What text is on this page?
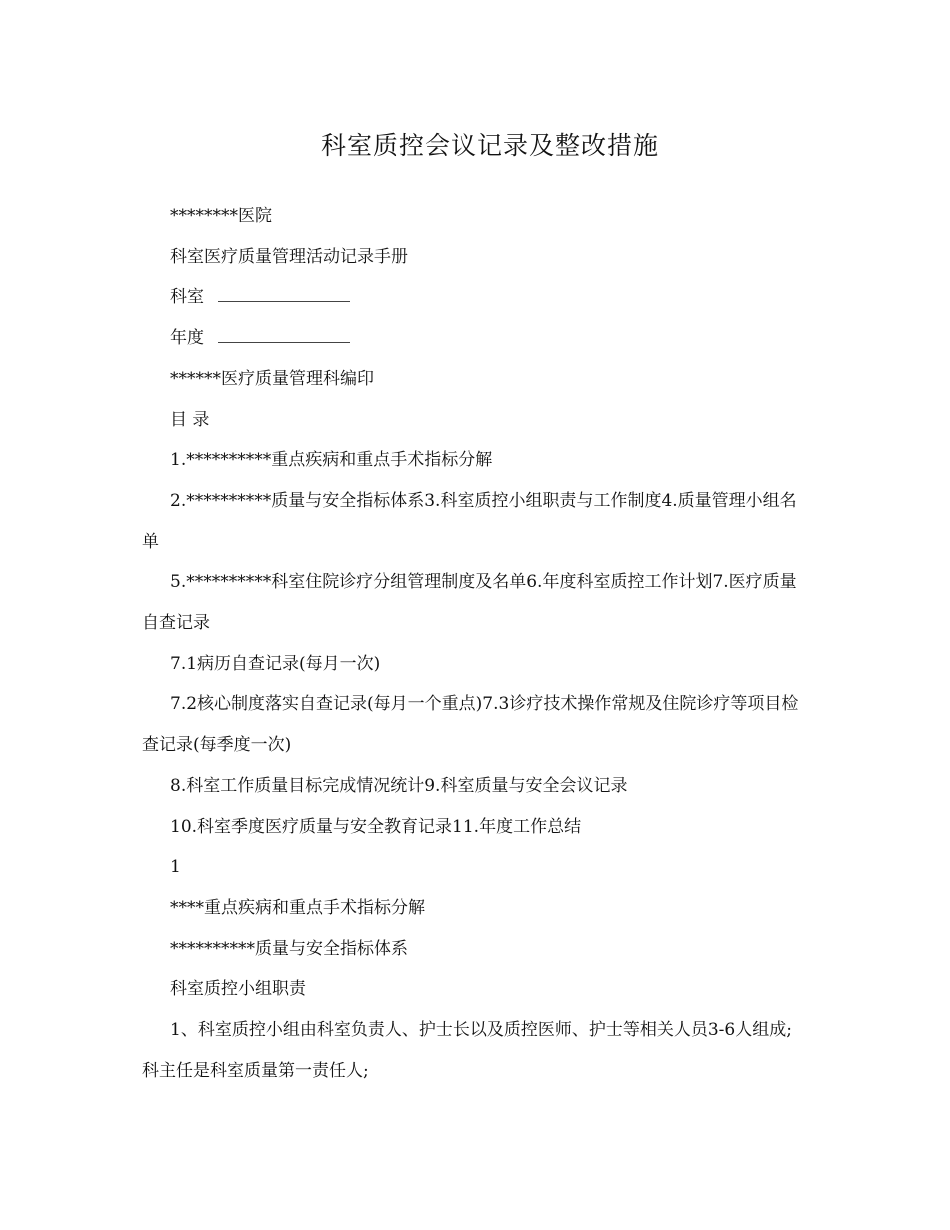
科室质控会议记录及整改措施

********医院

科室医疗质量管理活动记录手册

科室

年度

******医疗质量管理科编印

目 录

1.**********重点疾病和重点手术指标分解

2.**********质量与安全指标体系3.科室质控小组职责与工作制度4.质量管理小组名单

5.**********科室住院诊疗分组管理制度及名单6.年度科室质控工作计划7.医疗质量自查记录

7.1病历自查记录(每月一次)

7.2核心制度落实自查记录(每月一个重点)7.3诊疗技术操作常规及住院诊疗等项目检查记录(每季度一次)

8.科室工作质量目标完成情况统计9.科室质量与安全会议记录

10.科室季度医疗质量与安全教育记录11.年度工作总结

1

****重点疾病和重点手术指标分解

**********质量与安全指标体系

科室质控小组职责

1、科室质控小组由科室负责人、护士长以及质控医师、护士等相关人员3-6人组成;科主任是科室质量第一责任人;
